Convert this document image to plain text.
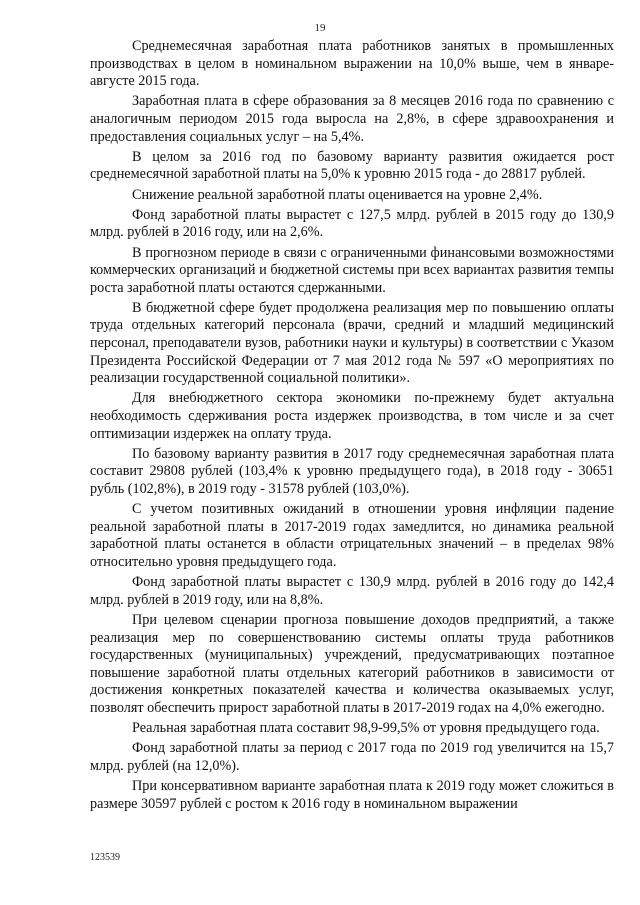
19

Среднемесячная заработная плата работников занятых в промышленных производствах в целом в номинальном выражении на 10,0% выше, чем в январе-августе 2015 года.

Заработная плата в сфере образования за 8 месяцев 2016 года по сравнению с аналогичным периодом 2015 года выросла на 2,8%, в сфере здравоохранения и предоставления социальных услуг – на 5,4%.

В целом за 2016 год по базовому варианту развития ожидается рост среднемесячной заработной платы на 5,0% к уровню 2015 года - до 28817 рублей.

Снижение реальной заработной платы оценивается на уровне 2,4%.

Фонд заработной платы вырастет с 127,5 млрд. рублей в 2015 году до 130,9 млрд. рублей в 2016 году, или на 2,6%.

В прогнозном периоде в связи с ограниченными финансовыми возможностями коммерческих организаций и бюджетной системы при всех вариантах развития темпы роста заработной платы остаются сдержанными.

В бюджетной сфере будет продолжена реализация мер по повышению оплаты труда отдельных категорий персонала (врачи, средний и младший медицинский персонал, преподаватели вузов, работники науки и культуры) в соответствии с Указом Президента Российской Федерации от 7 мая 2012 года № 597 «О мероприятиях по реализации государственной социальной политики».

Для внебюджетного сектора экономики по-прежнему будет актуальна необходимость сдерживания роста издержек производства, в том числе и за счет оптимизации издержек на оплату труда.

По базовому варианту развития в 2017 году среднемесячная заработная плата составит 29808 рублей (103,4% к уровню предыдущего года), в 2018 году - 30651 рубль (102,8%), в 2019 году - 31578 рублей (103,0%).

С учетом позитивных ожиданий в отношении уровня инфляции падение реальной заработной платы в 2017-2019 годах замедлится, но динамика реальной заработной платы останется в области отрицательных значений – в пределах 98% относительно уровня предыдущего года.

Фонд заработной платы вырастет с 130,9 млрд. рублей в 2016 году до 142,4 млрд. рублей в 2019 году, или на 8,8%.

При целевом сценарии прогноза повышение доходов предприятий, а также реализация мер по совершенствованию системы оплаты труда работников государственных (муниципальных) учреждений, предусматривающих поэтапное повышение заработной платы отдельных категорий работников в зависимости от достижения конкретных показателей качества и количества оказываемых услуг, позволят обеспечить прирост заработной платы в 2017-2019 годах на 4,0% ежегодно.

Реальная заработная плата составит 98,9-99,5% от уровня предыдущего года.

Фонд заработной платы за период с 2017 года по 2019 год увеличится на 15,7 млрд. рублей (на 12,0%).

При консервативном варианте заработная плата к 2019 году может сложиться в размере 30597 рублей с ростом к 2016 году в номинальном выражении

123539
